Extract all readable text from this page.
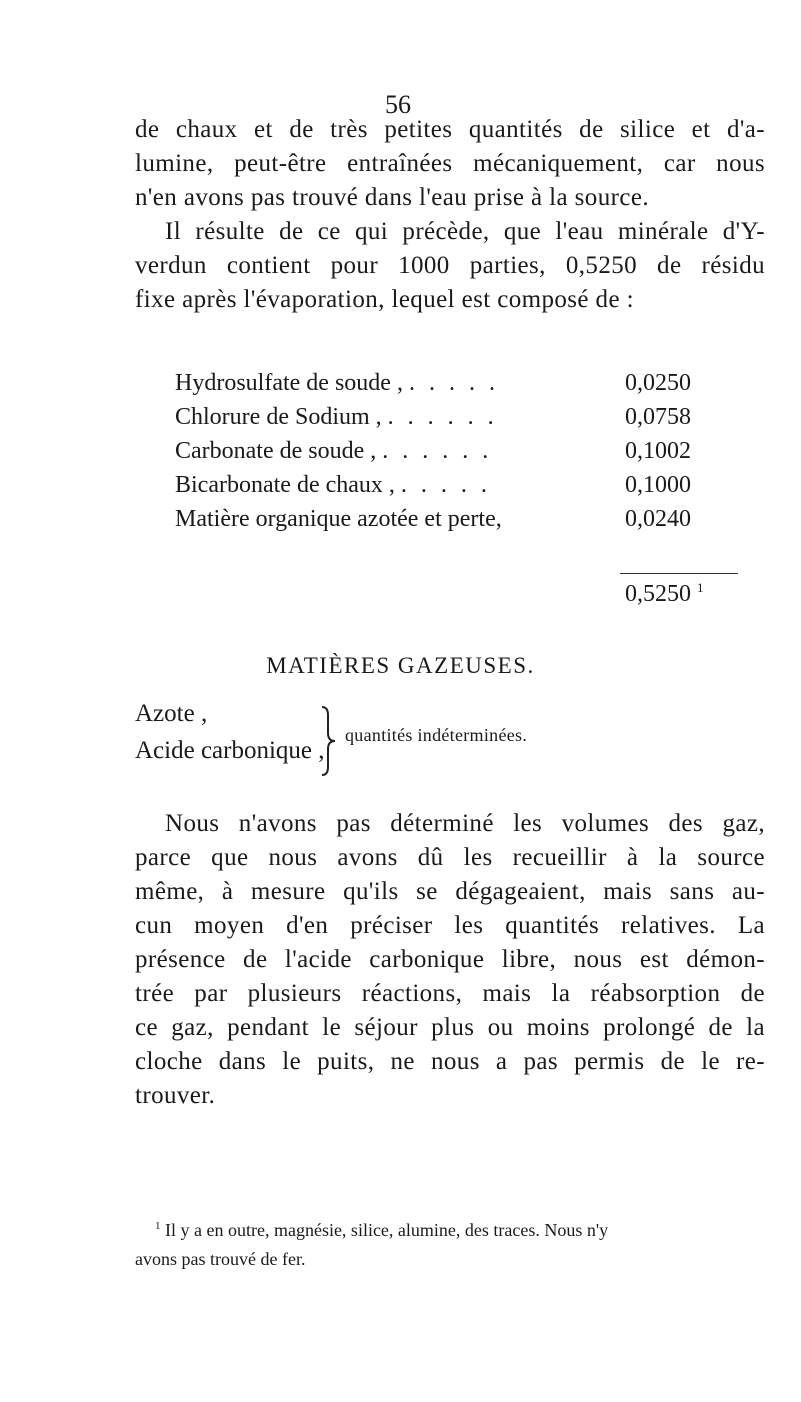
56
de chaux et de très petites quantités de silice et d'a-
lumine, peut-être entraînées mécaniquement, car nous
n'en avons pas trouvé dans l'eau prise à la source.
Il résulte de ce qui précède, que l'eau minérale d'Y-
verdun contient pour 1000 parties, 0,5250 de résidu
fixe après l'évaporation, lequel est composé de :
Hydrosulfate de soude , . . . . .	0,0250
Chlorure de Sodium , . . . . . .	0,0758
Carbonate de soude , . . . . . .	0,1002
Bicarbonate de chaux , . . . . .	0,1000
Matière organique azotée et perte,	0,0240
0,5250 $^1$
MATIÈRES GAZEUSES.
Azote ,
Acide carbonique ,
quantités indéterminées.
Nous n'avons pas déterminé les volumes des gaz,
parce que nous avons dû les recueillir à la source
même, à mesure qu'ils se dégageaient, mais sans au-
cun moyen d'en préciser les quantités relatives. La
présence de l'acide carbonique libre, nous est démon-
trée par plusieurs réactions, mais la réabsorption de
ce gaz, pendant le séjour plus ou moins prolongé de la
cloche dans le puits, ne nous a pas permis de le re-
trouver.
$^1$ Il y a en outre, magnésie, silice, alumine, des traces. Nous n'y
avons pas trouvé de fer.
